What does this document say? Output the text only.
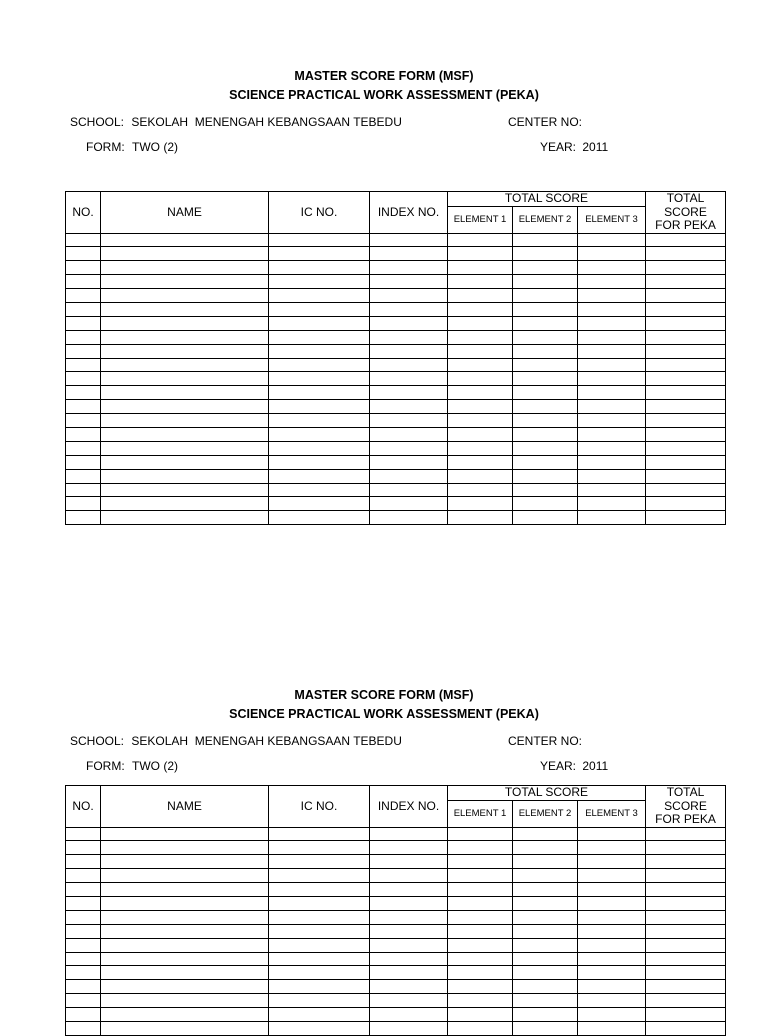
MASTER SCORE FORM (MSF)
SCIENCE PRACTICAL WORK ASSESSMENT (PEKA)
SCHOOL: SEKOLAH  MENENGAH KEBANGSAAN TEBEDU	CENTER NO:
FORM: TWO (2)	YEAR: 2011
NO.	NAME	IC NO.	INDEX NO.	TOTAL SCORE			TOTAL
SCORE
FOR PEKA

				ELEMENT 1	ELEMENT 2	ELEMENT 3	

MASTER SCORE FORM (MSF)
SCIENCE PRACTICAL WORK ASSESSMENT (PEKA)
SCHOOL: SEKOLAH  MENENGAH KEBANGSAAN TEBEDU	CENTER NO:
FORM: TWO (2)	YEAR: 2011
NO.	NAME	IC NO.	INDEX NO.	TOTAL SCORE			TOTAL
SCORE
FOR PEKA

				ELEMENT 1	ELEMENT 2	ELEMENT 3	
